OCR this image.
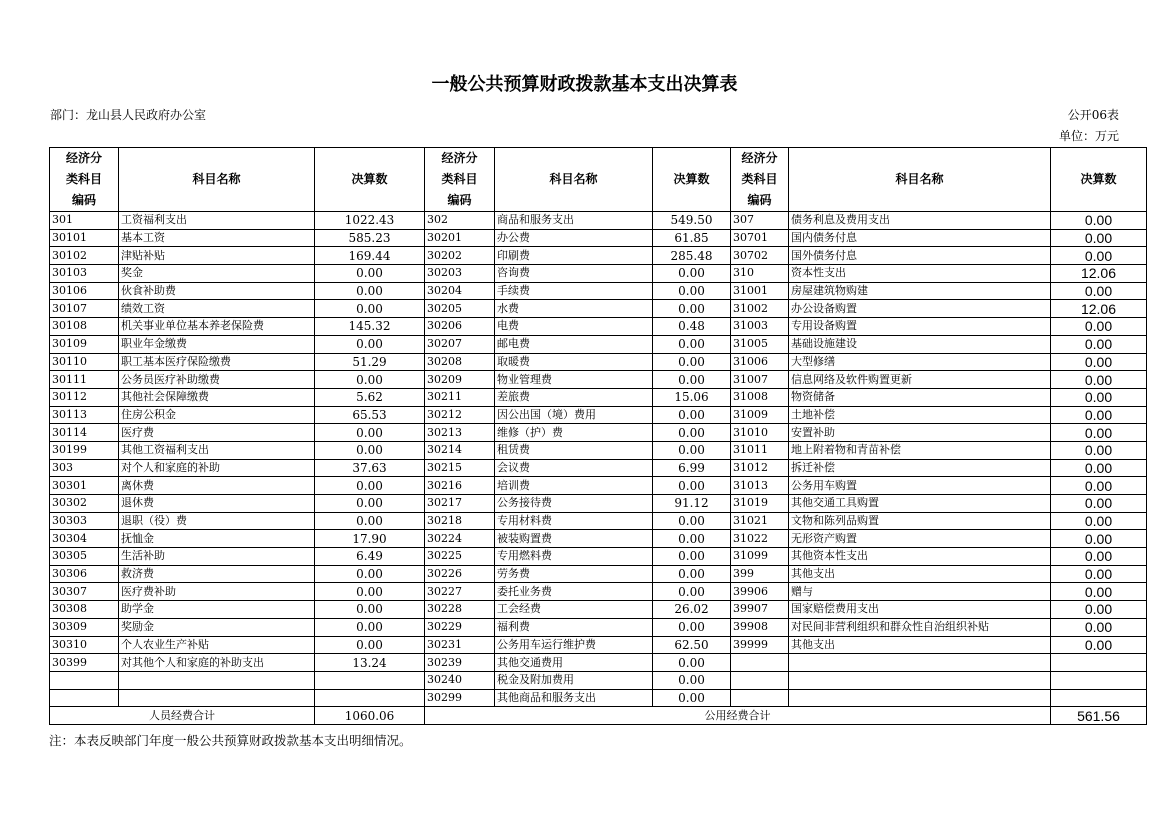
一般公共预算财政拨款基本支出决算表
部门：龙山县人民政府办公室	公开06表
单位：万元
经济分
类科目
编码	科目名称	决算数	经济分
类科目
编码	科目名称	决算数	经济分
类科目
编码	科目名称	决算数
301	工资福利支出	1022.43	302	商品和服务支出	549.50	307	债务利息及费用支出	0.00
30101	基本工资	585.23	30201	办公费	61.85	30701	国内债务付息	0.00
30102	津贴补贴	169.44	30202	印刷费	285.48	30702	国外债务付息	0.00
30103	奖金	0.00	30203	咨询费	0.00	310	资本性支出	12.06
30106	伙食补助费	0.00	30204	手续费	0.00	31001	房屋建筑物购建	0.00
30107	绩效工资	0.00	30205	水费	0.00	31002	办公设备购置	12.06
30108	机关事业单位基本养老保险费	145.32	30206	电费	0.48	31003	专用设备购置	0.00
30109	职业年金缴费	0.00	30207	邮电费	0.00	31005	基础设施建设	0.00
30110	职工基本医疗保险缴费	51.29	30208	取暖费	0.00	31006	大型修缮	0.00
30111	公务员医疗补助缴费	0.00	30209	物业管理费	0.00	31007	信息网络及软件购置更新	0.00
30112	其他社会保障缴费	5.62	30211	差旅费	15.06	31008	物资储备	0.00
30113	住房公积金	65.53	30212	因公出国（境）费用	0.00	31009	土地补偿	0.00
30114	医疗费	0.00	30213	维修（护）费	0.00	31010	安置补助	0.00
30199	其他工资福利支出	0.00	30214	租赁费	0.00	31011	地上附着物和青苗补偿	0.00
303	对个人和家庭的补助	37.63	30215	会议费	6.99	31012	拆迁补偿	0.00
30301	离休费	0.00	30216	培训费	0.00	31013	公务用车购置	0.00
30302	退休费	0.00	30217	公务接待费	91.12	31019	其他交通工具购置	0.00
30303	退职（役）费	0.00	30218	专用材料费	0.00	31021	文物和陈列品购置	0.00
30304	抚恤金	17.90	30224	被装购置费	0.00	31022	无形资产购置	0.00
30305	生活补助	6.49	30225	专用燃料费	0.00	31099	其他资本性支出	0.00
30306	救济费	0.00	30226	劳务费	0.00	399	其他支出	0.00
30307	医疗费补助	0.00	30227	委托业务费	0.00	39906	赠与	0.00
30308	助学金	0.00	30228	工会经费	26.02	39907	国家赔偿费用支出	0.00
30309	奖励金	0.00	30229	福利费	0.00	39908	对民间非营利组织和群众性自治组织补贴	0.00
30310	个人农业生产补贴	0.00	30231	公务用车运行维护费	62.50	39999	其他支出	0.00
30399	对其他个人和家庭的补助支出	13.24	30239	其他交通费用	0.00			
			30240	税金及附加费用	0.00			
			30299	其他商品和服务支出	0.00			
人员经费合计		1060.06	公用经费合计					561.56
注：本表反映部门年度一般公共预算财政拨款基本支出明细情况。
